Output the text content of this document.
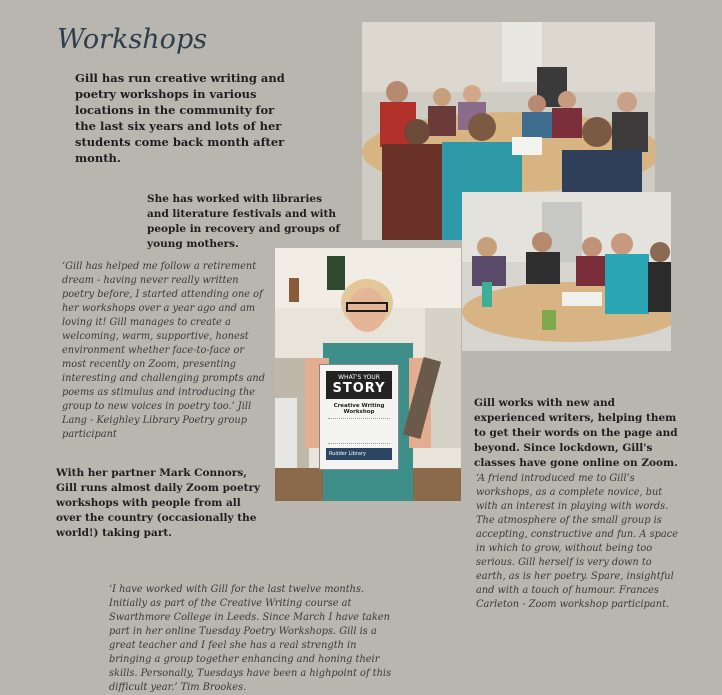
Workshops
Gill has run creative writing and poetry workshops in various locations in the community for the last six years and lots of her students come back month after month.
She has worked with libraries and literature festivals and with people in recovery and groups of young mothers.
WHAT'S YOUR
STORY
Creative Writing Workshop
Rudder Library
‘Gill has helped me follow a retirement dream - having never really written poetry before, I started attending one of her workshops over a year ago and am loving it! Gill manages to create a welcoming, warm, supportive, honest environment whether face-to-face or most recently on Zoom, presenting interesting and challenging prompts and poems as stimulus and introducing the group to new voices in poetry too.’ Jill Lang - Keighley Library Poetry group participant
With her partner Mark Connors, Gill runs almost daily Zoom poetry workshops with people from all over the country (occasionally the world!) taking part.
Gill works with new and experienced writers, helping them to get their words on the page and beyond. Since lockdown, Gill's classes have gone online on Zoom.
‘A friend introduced me to Gill’s workshops, as a complete novice, but with an interest in playing with words. The atmosphere of the small group is accepting, constructive and fun. A space in which to grow, without being too serious. Gill herself is very down to earth, as is her poetry. Spare, insightful and with a touch of humour. Frances Carleton - Zoom workshop participant.
‘I have worked with Gill for the last twelve months. Initially as part of the Creative Writing course at Swarthmore College in Leeds. Since March I have taken part in her online Tuesday Poetry Workshops. Gill is a great teacher and I feel she has a real strength in bringing a group together enhancing and honing their skills. Personally, Tuesdays have been a highpoint of this difficult year.’ Tim Brookes.
